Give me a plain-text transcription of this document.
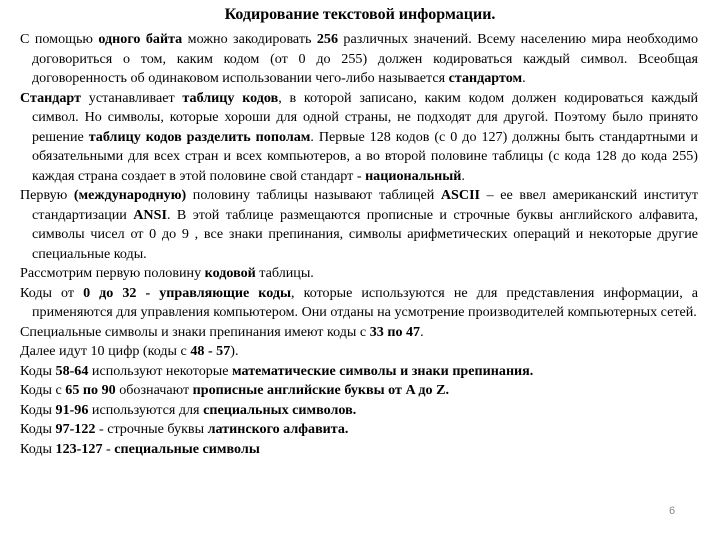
Кодирование текстовой информации.

С помощью одного байта можно закодировать 256 различных значений. Всему населению мира необходимо договориться о том, каким кодом (от 0 до 255) должен кодироваться каждый символ. Всеобщая договоренность об одинаковом использовании чего-либо называется стандартом.

Стандарт устанавливает таблицу кодов, в которой записано, каким кодом должен кодироваться каждый символ. Но символы, которые хороши для одной страны, не подходят для другой. Поэтому было принято решение таблицу кодов разделить пополам. Первые 128 кодов (с 0 до 127) должны быть стандартными и обязательными для всех стран и всех компьютеров, а во второй половине таблицы (с кода 128 до кода 255) каждая страна создает в этой половине свой стандарт - национальный.

Первую (международную) половину таблицы называют таблицей ASCII – ее ввел американский институт стандартизации ANSI. В этой таблице размещаются прописные и строчные буквы английского алфавита, символы чисел от 0 до 9 , все знаки препинания, символы арифметических операций и некоторые другие специальные коды.

Рассмотрим первую половину кодовой таблицы.

Коды от 0 до 32 - управляющие коды, которые используются не для представления информации, а применяются для управления компьютером. Они отданы на усмотрение производителей компьютерных сетей.

Специальные символы и знаки препинания имеют коды с 33 по 47.

Далее идут 10 цифр (коды с 48 - 57).

Коды 58-64 используют некоторые математические символы и знаки препинания.

Коды с 65 по 90 обозначают прописные английские буквы от A до Z.

Коды 91-96 используются для специальных символов.

Коды 97-122 - строчные буквы латинского алфавита.

Коды 123-127 - специальные символы

6
